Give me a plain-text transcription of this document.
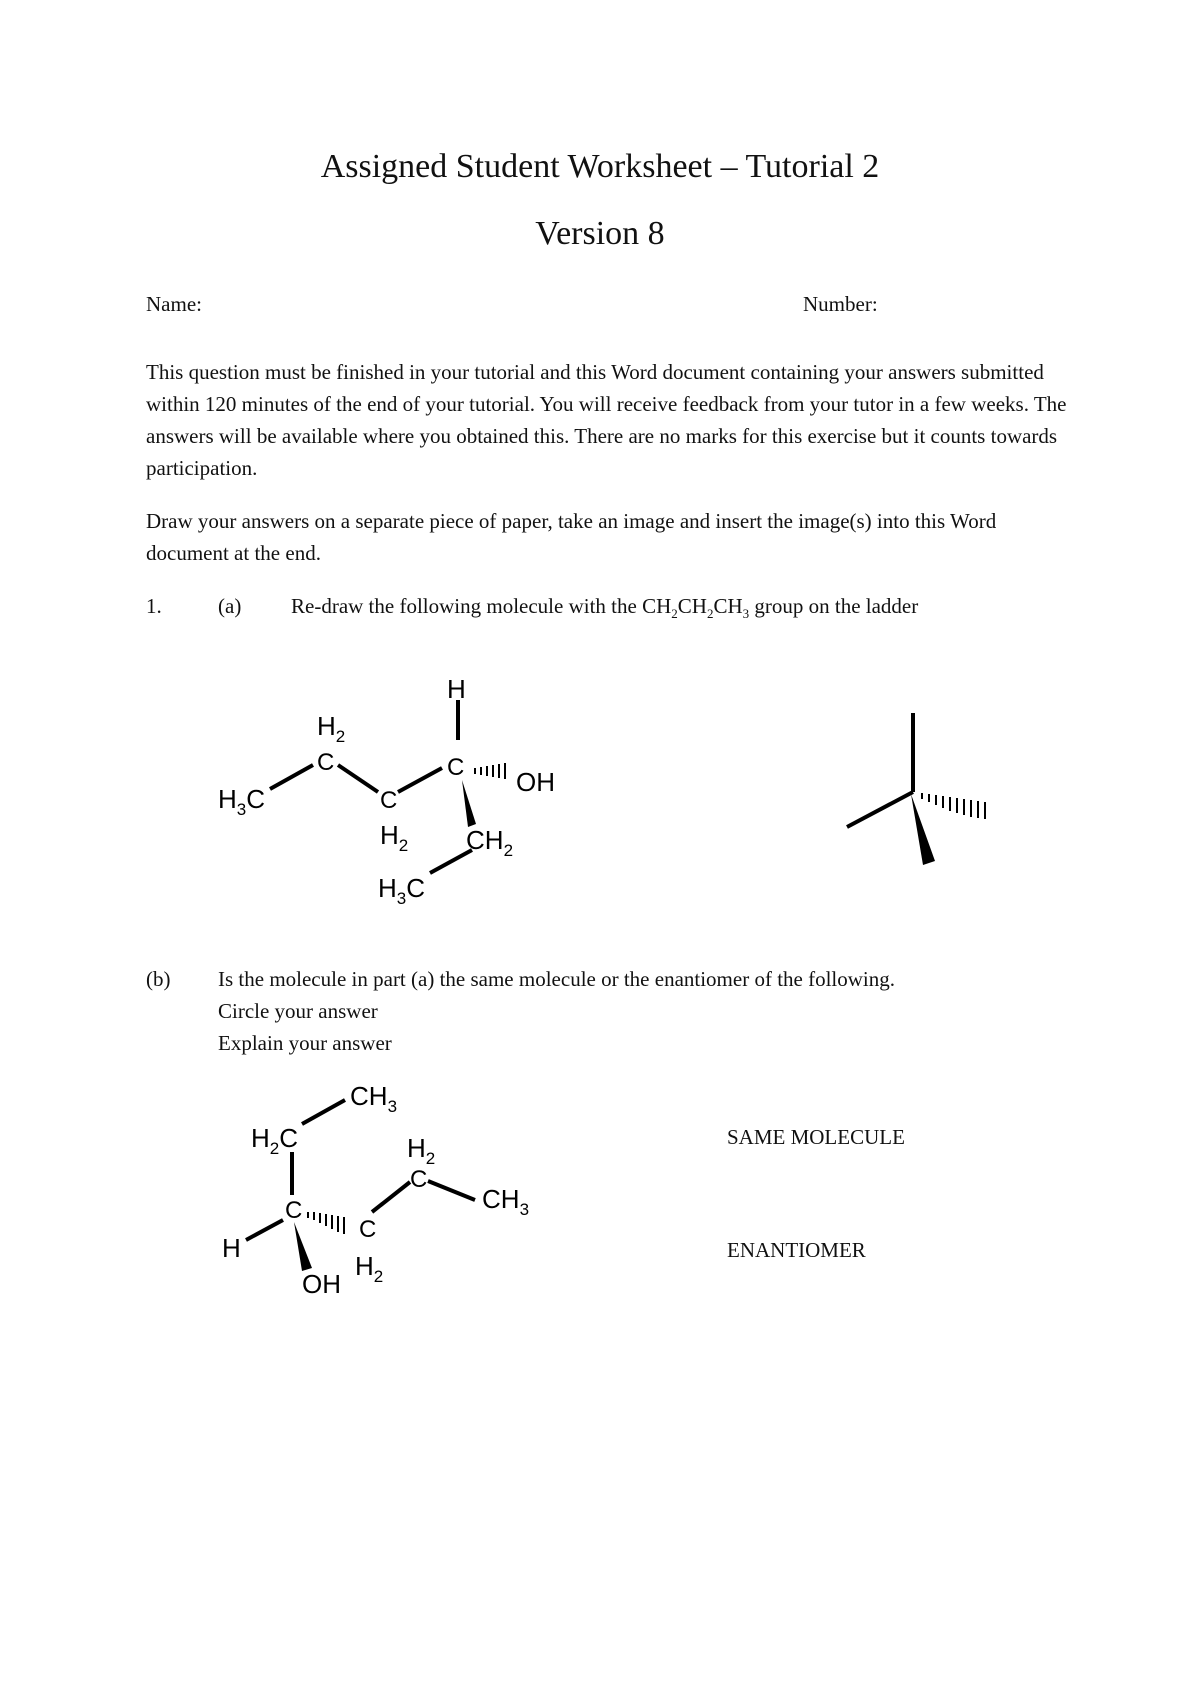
Assigned Student Worksheet – Tutorial 2
Version 8
Name:	Number:

This question must be finished in your tutorial and this Word document containing your answers submitted within 120 minutes of the end of your tutorial. You will receive feedback from your tutor in a few weeks. The answers will be available where you obtained this. There are no marks for this exercise but it counts towards participation.

Draw your answers on a separate piece of paper, take an image and insert the image(s) into this Word document at the end.

1.	(a) Re-draw the following molecule with the $CH_2CH_2CH_3$ group on the ladder
H
$H_2$
C
$H_3C$	C
$H_2$
C OH
$CH_2$
$H_3C$
(b) Is the molecule in part (a) the same molecule or the enantiomer of the following.
Circle your answer
Explain your answer
$CH_3$
$H_2C$	$H_2$
C
$CH_3$
C
H
C
$H_2$
OH
SAME MOLECULE
ENANTIOMER
